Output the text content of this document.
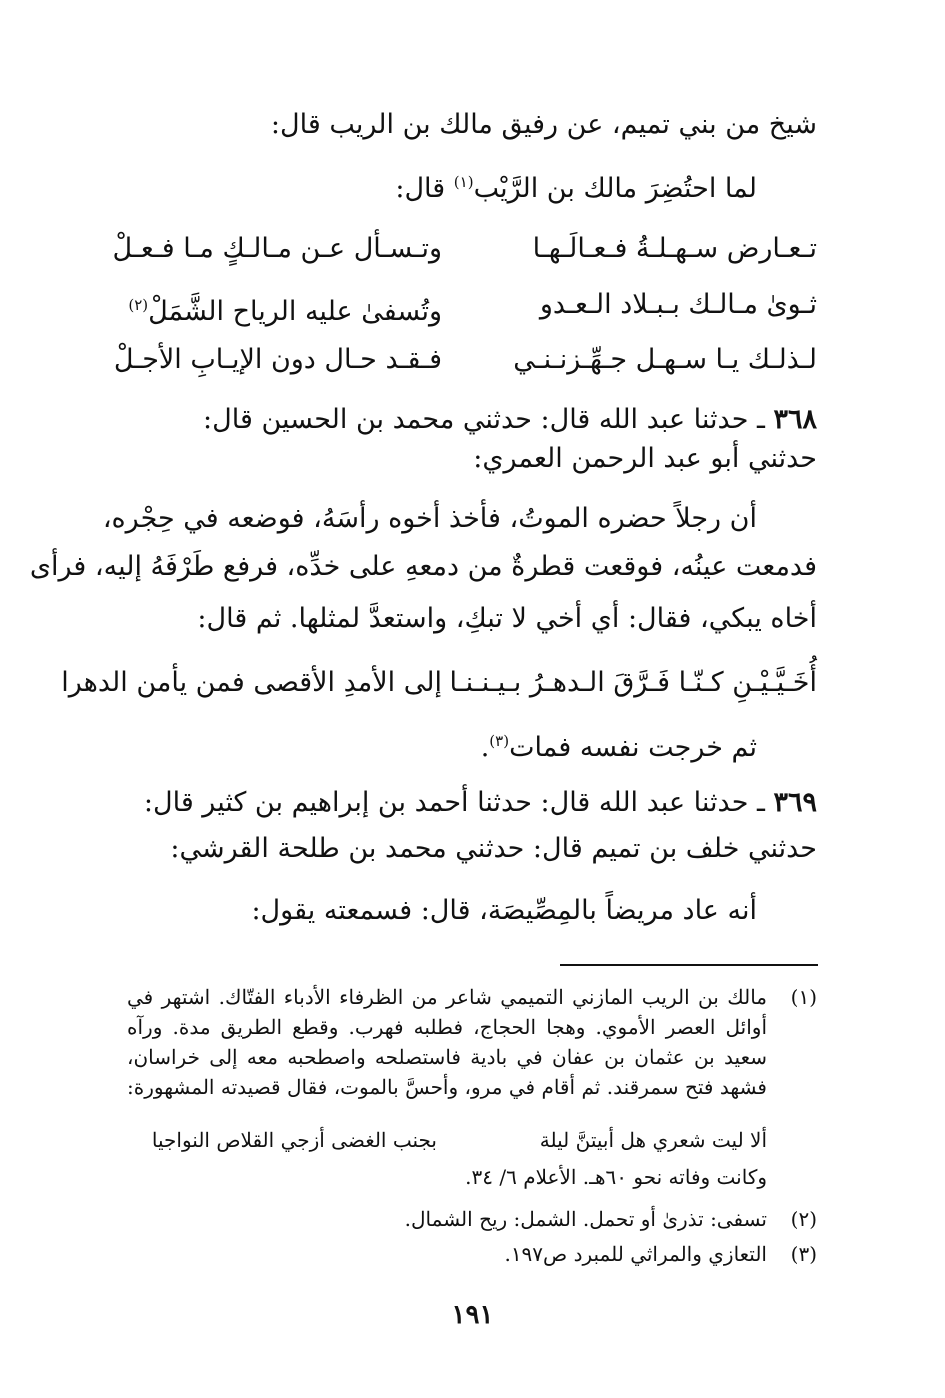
شيخ من بني تميم، عن رفيق مالك بن الريب قال:
لما احتُضِرَ مالك بن الرَّيْب$^{(١)}$ قال:
تـعـارض سـهـلـةُ فـعـالَـهـا
وتـسـأل عـن مـالـكٍ مـا فـعـلْ
ثـوىٰ مـالـك بـبـلاد الـعـدو
وتُسفىٰ عليه الرياح الشَّمَلْ$^{(٢)}$
لـذلـك يـا سـهـل جـهِّـزنـنـي
فـقـد حـال دون الإيـابِ الأجـلْ
٣٦٨ ـ حدثنا عبد الله قال: حدثني محمد بن الحسين قال:
حدثني أبو عبد الرحمن العمري:
أن رجلاً حضره الموتُ، فأخذ أخوه رأسَهُ، فوضعه في حِجْره،
فدمعت عينُه، فوقعت قطرةٌ من دمعهِ على خدِّه، فرفع طَرْفَهُ إليه، فرأى
أخاه يبكي، فقال: أي أخي لا تبكِ، واستعدَّ لمثلها. ثم قال:
أُخَـيَّـيْـنِ كـنّـا فَـرَّقَ الـدهـرُ بـيـنـنـا
إلى الأمدِ الأقصى فمن يأمن الدهرا
ثم خرجت نفسه فمات$^{(٣)}$.
٣٦٩ ـ حدثنا عبد الله قال: حدثنا أحمد بن إبراهيم بن كثير قال:
حدثني خلف بن تميم قال: حدثني محمد بن طلحة القرشي:
أنه عاد مريضاً بالمِصِّيصَة، قال: فسمعته يقول:
(١)
مالك بن الريب المازني التميمي شاعر من الظرفاء الأدباء الفتّاك. اشتهر في
أوائل العصر الأموي. وهجا الحجاج، فطلبه فهرب. وقطع الطريق مدة. ورآه
سعيد بن عثمان بن عفان في بادية فاستصلحه واصطحبه معه إلى خراسان،
فشهد فتح سمرقند. ثم أقام في مرو، وأحسَّ بالموت، فقال قصيدته المشهورة:
ألا ليت شعري هل أبيتنَّ ليلة
بجنب الغضى أزجي القلاص النواجيا
وكانت وفاته نحو ٦٠هـ. الأعلام ٦/ ٣٤.
(٢)
تسفى: تذرىٰ أو تحمل. الشمل: ريح الشمال.
(٣)
التعازي والمراثي للمبرد ص١٩٧.
١٩١
